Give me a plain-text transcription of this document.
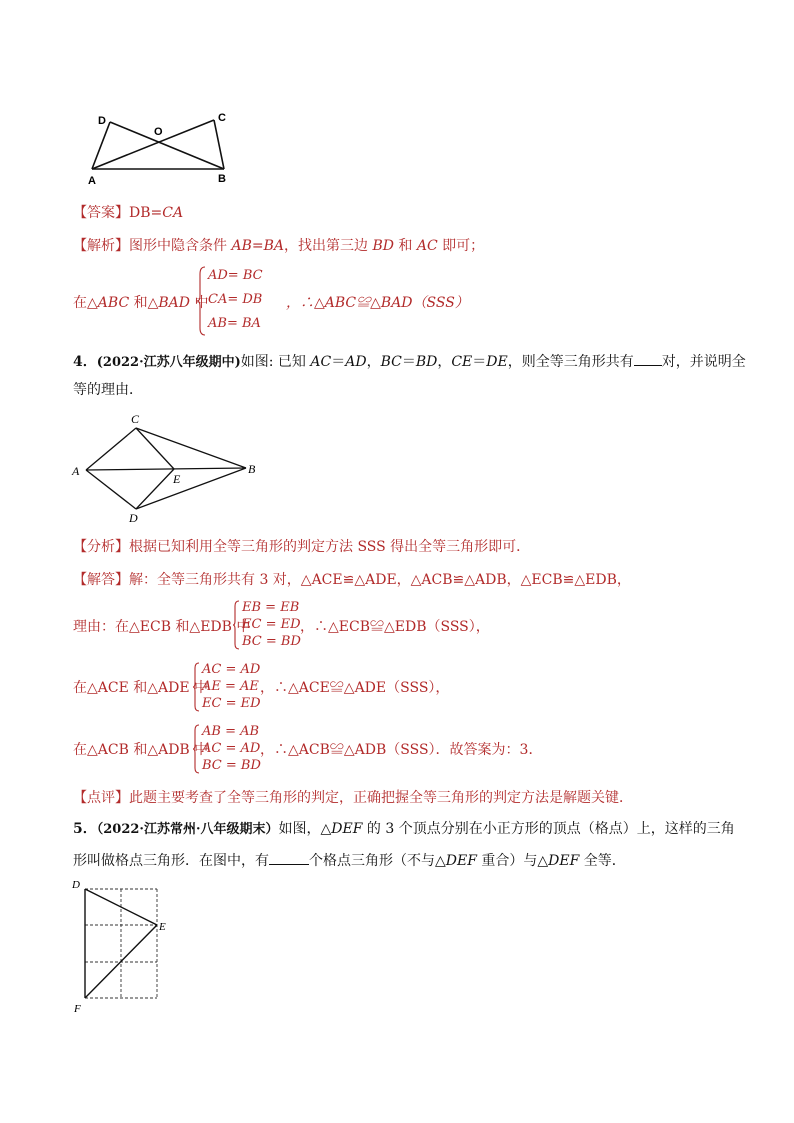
D
O
C
A	B
【答案】DB=CA
【解析】图形中隐含条件 AB=BA，找出第三边 BD 和 AC 即可；
在△ABC 和△BAD 中
AD= BC
CA= DB
AB= BA
，∴△ABC≌△BAD（SSS）
4．(2022·江苏八年级期中)如图: 已知 AC＝AD，BC＝BD，CE＝DE，则全等三角形共有 对，并说明全
等的理由．
C
A
E
B
D
【分析】根据已知利用全等三角形的判定方法 SSS 得出全等三角形即可．
【解答】解：全等三角形共有 3 对，△ACE≌△ADE，△ACB≌△ADB，△ECB≌△EDB，
理由：在△ECB 和△EDB 中
EB = EB
EC = ED
BC = BD
，∴△ECB≌△EDB（SSS），
在△ACE 和△ADE 中
AC = AD
AE = AE
EC = ED
，∴△ACE≌△ADE（SSS），
在△ACB 和△ADB 中
AB = AB
AC = AD
BC = BD
，∴△ACB≌△ADB（SSS）．故答案为：3．
【点评】此题主要考查了全等三角形的判定，正确把握全等三角形的判定方法是解题关键．
5．（2022·江苏常州·八年级期末）如图，△DEF 的 3 个顶点分别在小正方形的顶点（格点）上，这样的三角
形叫做格点三角形．在图中，有	个格点三角形（不与△DEF 重合）与△DEF 全等．
D
E
F
